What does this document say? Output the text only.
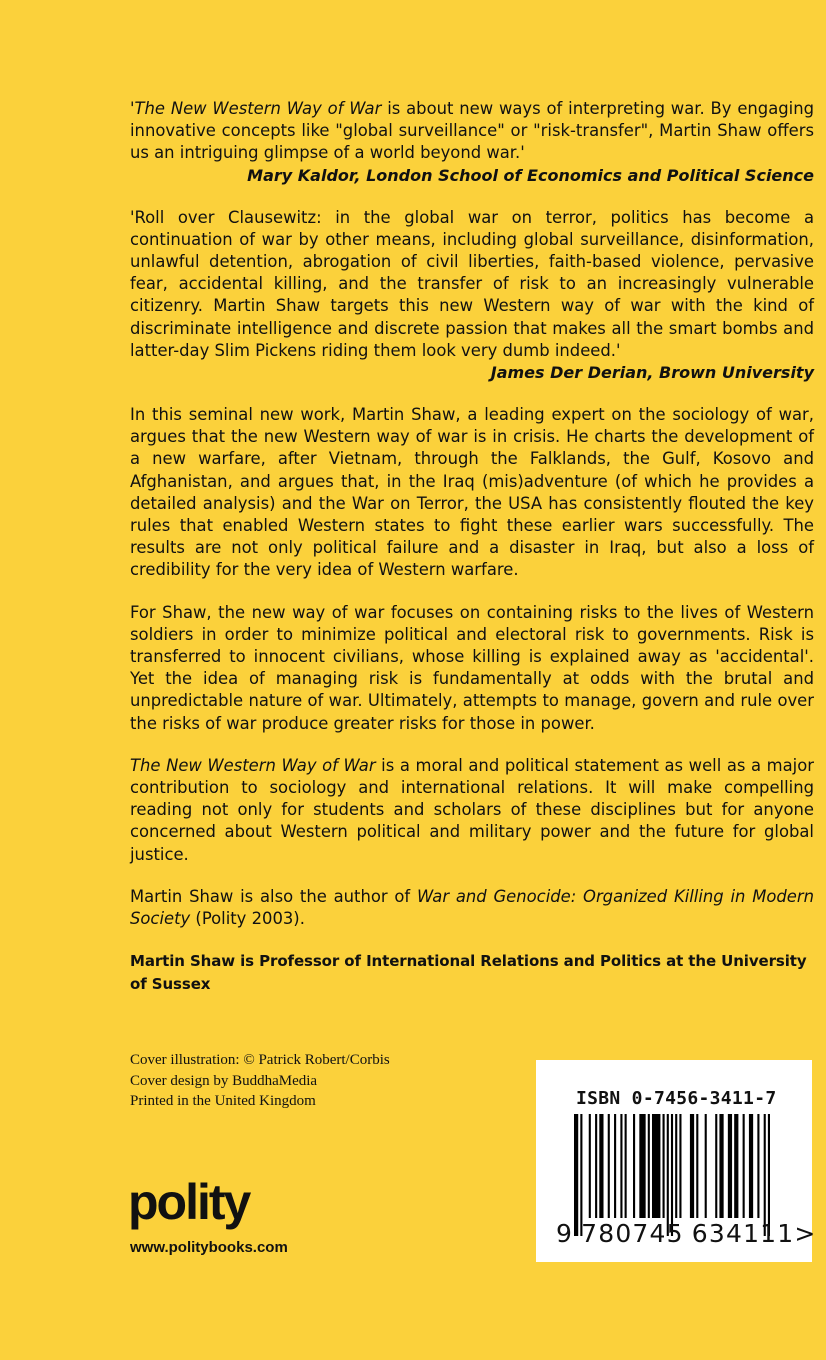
'The New Western Way of War is about new ways of interpreting war. By engaging innovative concepts like "global surveillance" or "risk-transfer", Martin Shaw offers us an intriguing glimpse of a world beyond war.'

Mary Kaldor, London School of Economics and Political Science

'Roll over Clausewitz: in the global war on terror, politics has become a continuation of war by other means, including global surveillance, disinformation, unlawful detention, abrogation of civil liberties, faith-based violence, pervasive fear, accidental killing, and the transfer of risk to an increasingly vulnerable citizenry. Martin Shaw targets this new Western way of war with the kind of discriminate intelligence and discrete passion that makes all the smart bombs and latter-day Slim Pickens riding them look very dumb indeed.'

James Der Derian, Brown University

In this seminal new work, Martin Shaw, a leading expert on the sociology of war, argues that the new Western way of war is in crisis. He charts the development of a new warfare, after Vietnam, through the Falklands, the Gulf, Kosovo and Afghanistan, and argues that, in the Iraq (mis)adventure (of which he provides a detailed analysis) and the War on Terror, the USA has consistently flouted the key rules that enabled Western states to fight these earlier wars successfully. The results are not only political failure and a disaster in Iraq, but also a loss of credibility for the very idea of Western warfare.

For Shaw, the new way of war focuses on containing risks to the lives of Western soldiers in order to minimize political and electoral risk to governments. Risk is transferred to innocent civilians, whose killing is explained away as 'accidental'. Yet the idea of managing risk is fundamentally at odds with the brutal and unpredictable nature of war. Ultimately, attempts to manage, govern and rule over the risks of war produce greater risks for those in power.

The New Western Way of War is a moral and political statement as well as a major contribution to sociology and international relations. It will make compelling reading not only for students and scholars of these disciplines but for anyone concerned about Western political and military power and the future for global justice.

Martin Shaw is also the author of War and Genocide: Organized Killing in Modern Society (Polity 2003).

Martin Shaw is Professor of International Relations and Politics at the University of Sussex

Cover illustration: © Patrick Robert/Corbis
Cover design by BuddhaMedia
Printed in the United Kingdom
polity
www.politybooks.com
ISBN 0-7456-3411-7
9 780745 634111>
